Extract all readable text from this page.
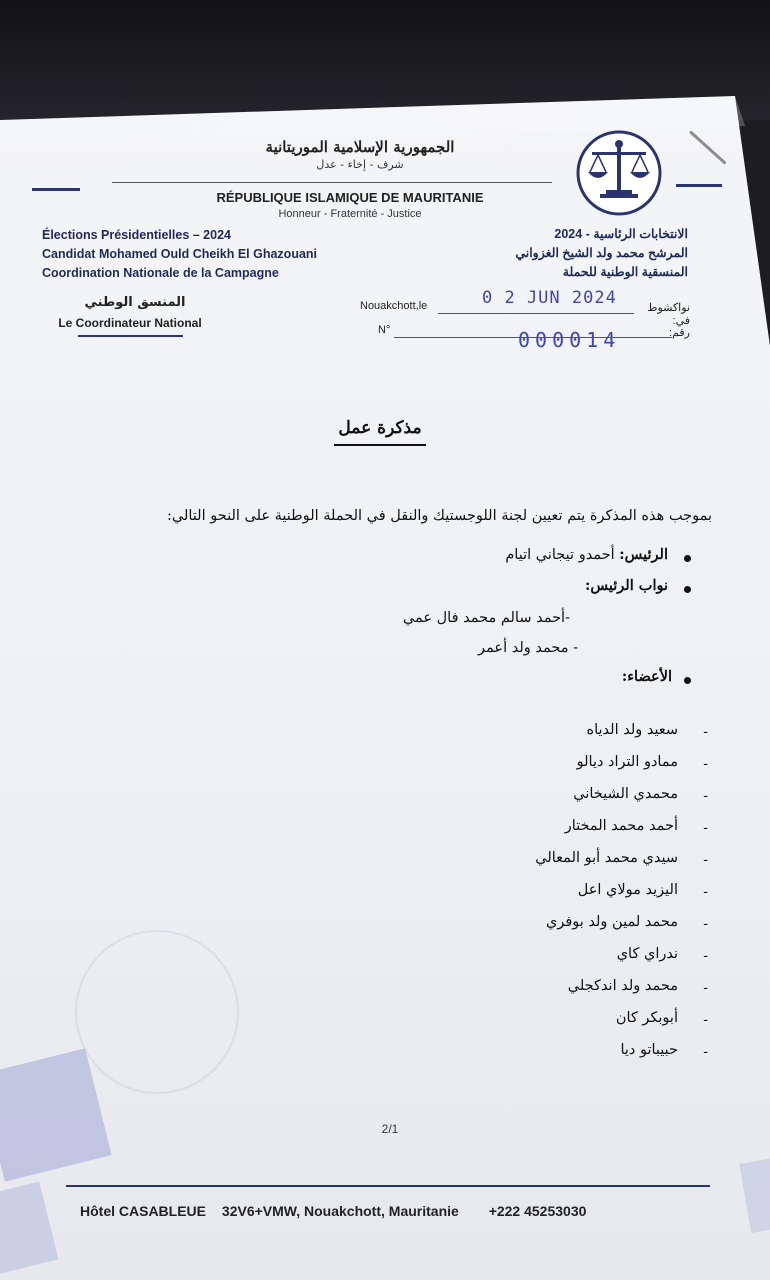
الجمهورية الإسلامية الموريتانية
شرف - إخاء - عدل
RÉPUBLIQUE ISLAMIQUE DE MAURITANIE
Honneur - Fraternité - Justice
Élections Présidentielles – 2024
Candidat Mohamed Ould Cheikh El Ghazouani
Coordination Nationale de la Campagne
الانتخابات الرئاسية - 2024
المرشح محمد ولد الشيخ الغزواني
المنسقية الوطنية للحملة
المنسق الوطني
Le Coordinateur National
Nouakchott,le	0 2 JUN 2024	نواكشوط في:
N°	000014	رقم:
مذكرة عمل
بموجب هذه المذكرة يتم تعيين لجنة اللوجستيك والنقل في الحملة الوطنية على النحو التالي:
الرئيس: أحمدو تيجاني اتيام
نواب الرئيس:
-أحمد سالم محمد فال عمي
- محمد ولد أعمر
الأعضاء:
-
سعيد ولد الدياه
-
ممادو التراد ديالو
-
محمدي الشيخاني
-
أحمد محمد المختار
-
سيدي محمد أبو المعالي
-
اليزيد مولاي اعل
-
محمد لمين ولد بوفري
-
ندراي كاي
-
محمد ولد اندكجلي
-
أبوبكر كان
-
حبيباتو ديا
2/1
Hôtel CASABLEUE 32V6+VMW, Nouakchott, Mauritanie +222 45253030
